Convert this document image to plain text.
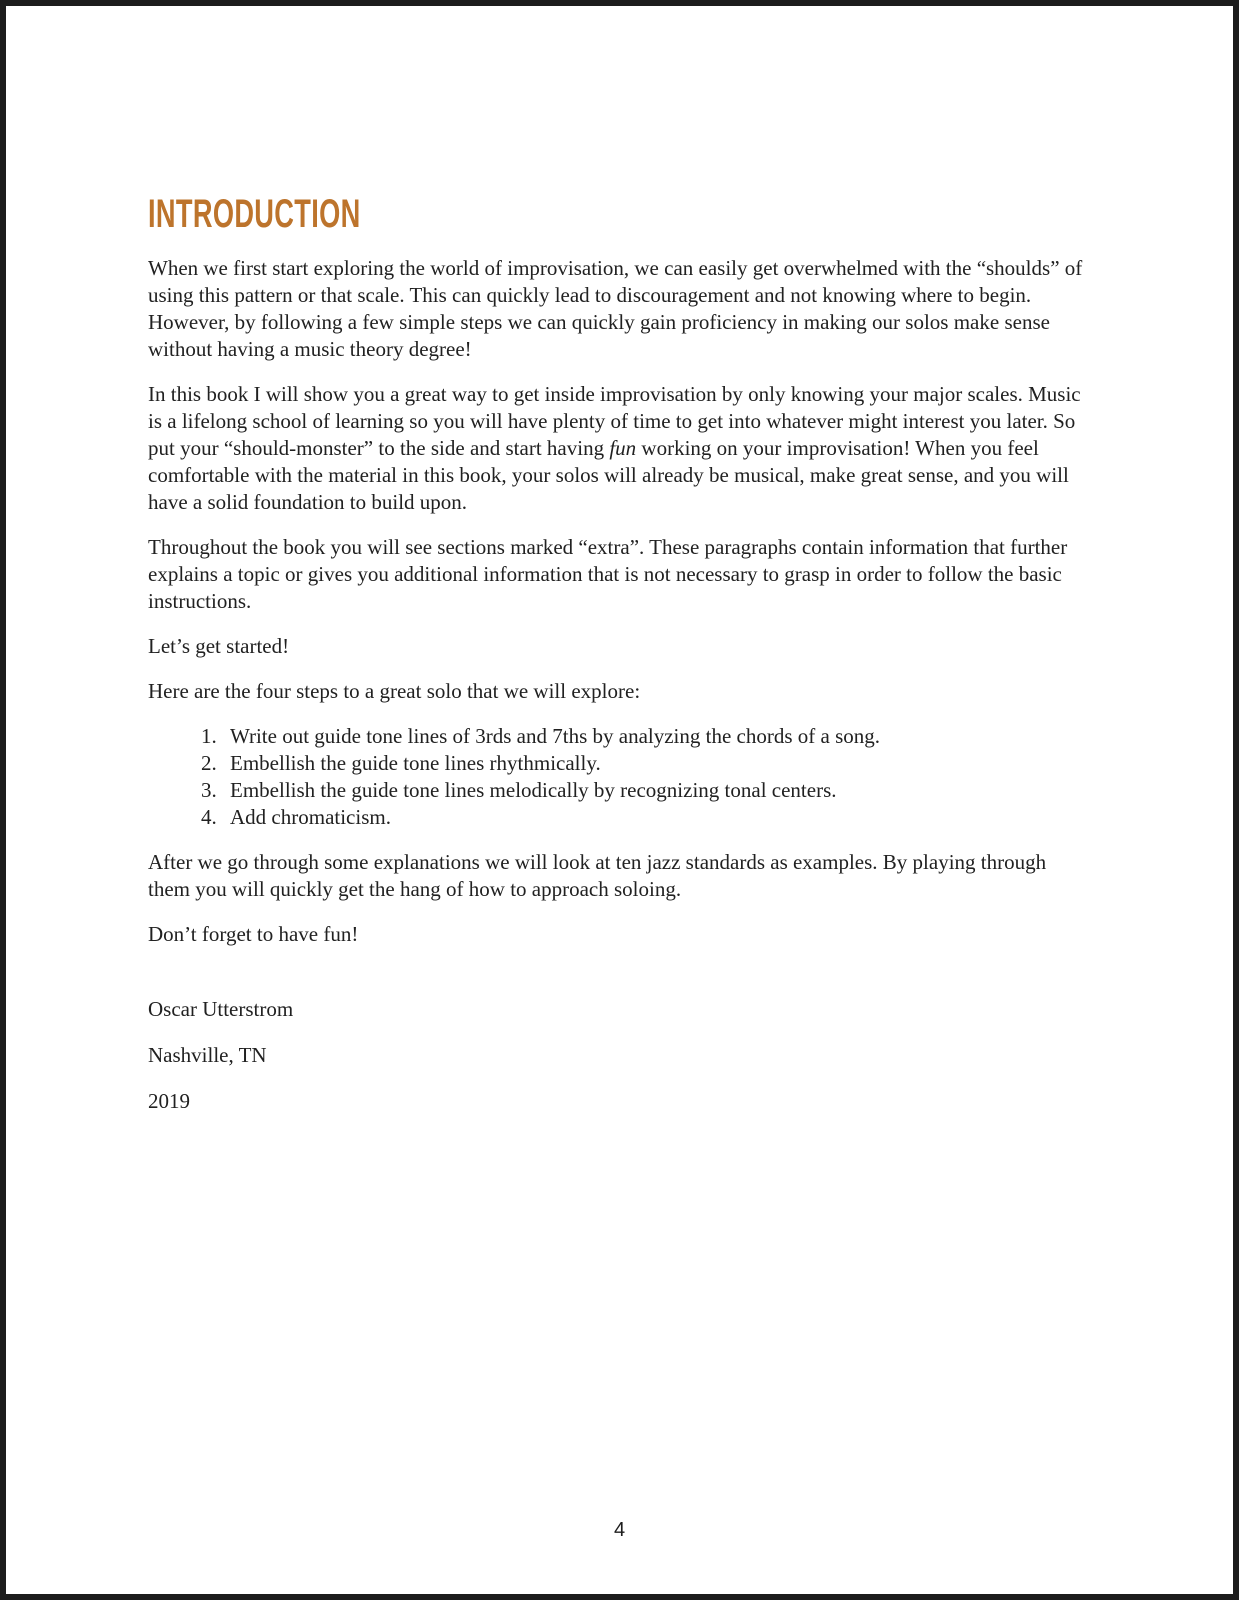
INTRODUCTION

When we first start exploring the world of improvisation, we can easily get overwhelmed with the “shoulds” of using this pattern or that scale. This can quickly lead to discouragement and not knowing where to begin. However, by following a few simple steps we can quickly gain proficiency in making our solos make sense without having a music theory degree!

In this book I will show you a great way to get inside improvisation by only knowing your major scales. Music is a lifelong school of learning so you will have plenty of time to get into whatever might interest you later. So put your “should-monster” to the side and start having fun working on your improvisation! When you feel comfortable with the material in this book, your solos will already be musical, make great sense, and you will have a solid foundation to build upon.

Throughout the book you will see sections marked “extra”. These paragraphs contain information that further explains a topic or gives you additional information that is not necessary to grasp in order to follow the basic instructions.

Let’s get started!

Here are the four steps to a great solo that we will explore:

1. Write out guide tone lines of 3rds and 7ths by analyzing the chords of a song.
2. Embellish the guide tone lines rhythmically.
3. Embellish the guide tone lines melodically by recognizing tonal centers.
4. Add chromaticism.

After we go through some explanations we will look at ten jazz standards as examples. By playing through them you will quickly get the hang of how to approach soloing.

Don’t forget to have fun!

Oscar Utterstrom

Nashville, TN

2019

4
